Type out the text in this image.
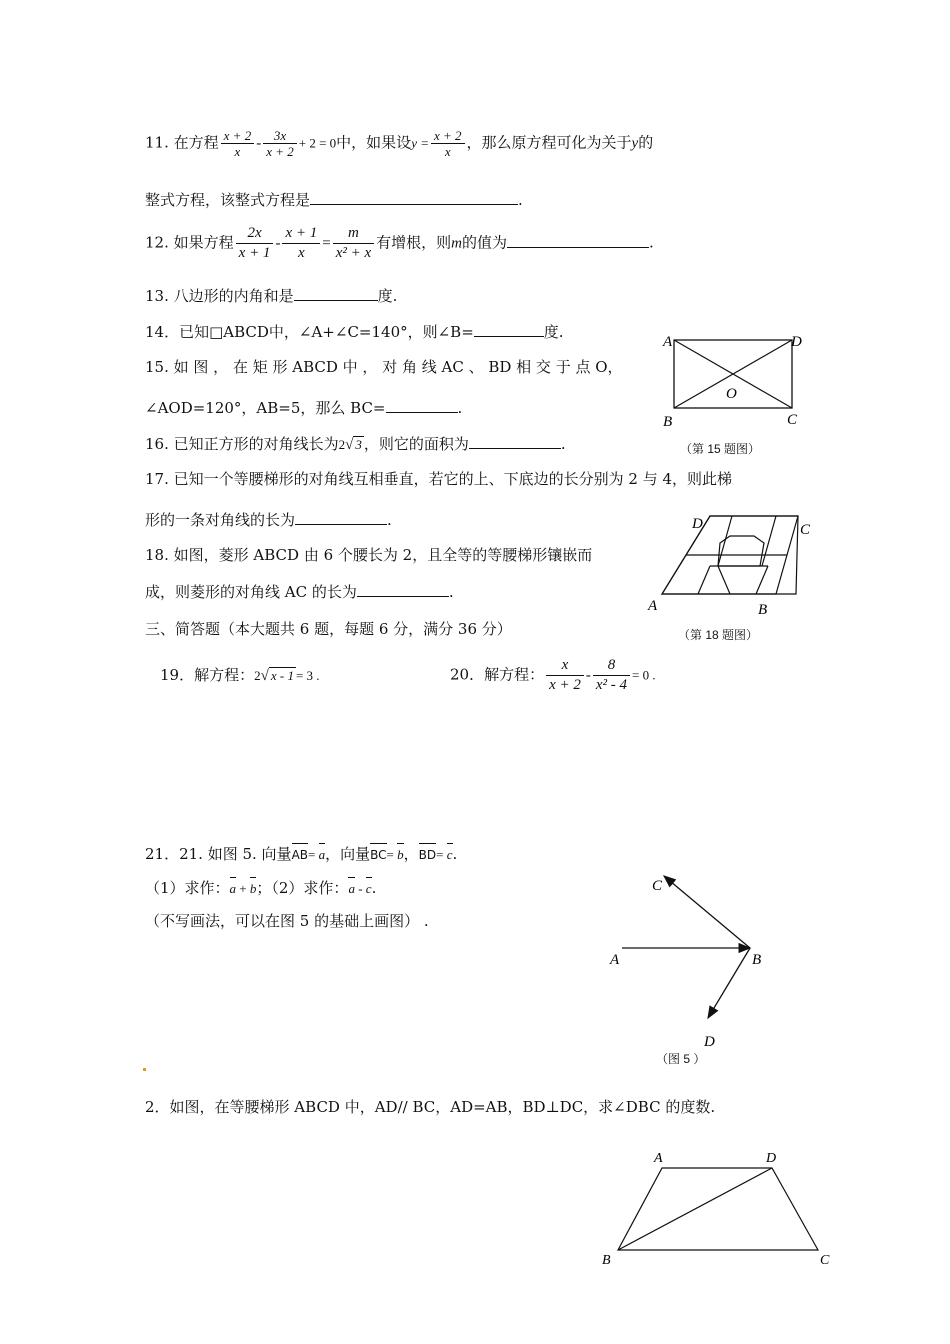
11. 在方程 $\frac{x + 2}{x} - \frac{3x}{x + 2} + 2 = 0$中，如果设$y = \frac{x + 2}{x}$ ，那么原方程可化为关于y的
整式方程，该整式方程是	.
12. 如果方程 $\frac{2x}{x + 1} - \frac{x + 1}{x} = \frac{m}{\text{x² + x}}$ 有增根，则m的值为	.
13. 八边形的内角和是	度.
14．已知□ABCD中，∠A+∠C=140°，则∠B=	度.
15. 如 图 ， 在 矩 形 ABCD 中 ， 对 角 线 AC 、 BD 相 交 于 点 O，
∠AOD=120°，AB=5，那么 BC=	.
16. 已知正方形的对角线长为2√ 3 ，则它的面积为	.
17. 已知一个等腰梯形的对角线互相垂直，若它的上、下底边的长分别为 2 与 4，则此梯
形的一条对角线的长为	.
18. 如图，菱形 ABCD 由 6 个腰长为 2，且全等的等腰梯形镶嵌而
成，则菱形的对角线 AC 的长为	.
三、简答题（本大题共 6 题，每题 6 分，满分 36 分）
19．解方程：2√ x - 1 = 3 .	20．解方程： $\frac{x}{x + 2} - \frac{8}{\text{x² - 4}} = 0$ .
21．21. 如图 5. 向量AB= a，向量BC= b，BD= c.
（1）求作：a + b；（2）求作：a - c.
（不写画法，可以在图 5 的基础上画图） .
2．如图，在等腰梯形 ABCD 中，AD// BC，AD=AB，BD⊥DC，求∠DBC 的度数.
A	D
O
B	C
（第 15 题图）
D	C
A	B
（第 18 题图）
C
A	B
D
（图 5 ）
A	D
B	C
